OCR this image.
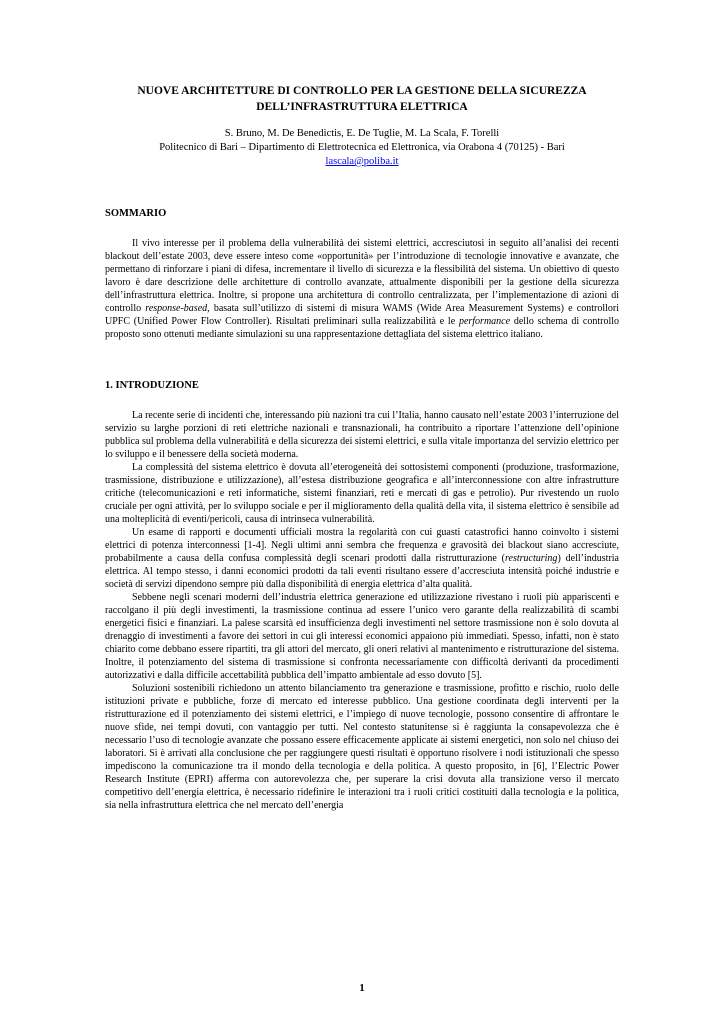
NUOVE ARCHITETTURE DI CONTROLLO PER LA GESTIONE DELLA SICUREZZA
DELL’INFRASTRUTTURA ELETTRICA
S. Bruno, M. De Benedictis, E. De Tuglie, M. La Scala, F. Torelli
Politecnico di Bari – Dipartimento di Elettrotecnica ed Elettronica, via Orabona 4 (70125) - Bari
lascala@poliba.it
SOMMARIO

Il vivo interesse per il problema della vulnerabilità dei sistemi elettrici, accresciutosi in seguito all’analisi dei recenti blackout dell’estate 2003, deve essere inteso come «opportunità» per l’introduzione di tecnologie innovative e avanzate, che permettano di rinforzare i piani di difesa, incrementare il livello di sicurezza e la flessibilità del sistema. Un obiettivo di questo lavoro è dare descrizione delle architetture di controllo avanzate, attualmente disponibili per la gestione della sicurezza dell’infrastruttura elettrica. Inoltre, si propone una architettura di controllo centralizzata, per l’implementazione di azioni di controllo response-based, basata sull’utilizzo di sistemi di misura WAMS (Wide Area Measurement Systems) e controllori UPFC (Unified Power Flow Controller). Risultati preliminari sulla realizzabilità e le performance dello schema di controllo proposto sono ottenuti mediante simulazioni su una rappresentazione dettagliata del sistema elettrico italiano.

1. INTRODUZIONE

La recente serie di incidenti che, interessando più nazioni tra cui l’Italia, hanno causato nell’estate 2003 l’interruzione del servizio su larghe porzioni di reti elettriche nazionali e transnazionali, ha contribuito a riportare l’attenzione dell’opinione pubblica sul problema della vulnerabilità e della sicurezza dei sistemi elettrici, e sulla vitale importanza del servizio elettrico per lo sviluppo e il benessere della società moderna.

La complessità del sistema elettrico è dovuta all’eterogeneità dei sottosistemi componenti (produzione, trasformazione, trasmissione, distribuzione e utilizzazione), all’estesa distribuzione geografica e all’interconnessione con altre infrastrutture critiche (telecomunicazioni e reti informatiche, sistemi finanziari, reti e mercati di gas e petrolio). Pur rivestendo un ruolo cruciale per ogni attività, per lo sviluppo sociale e per il miglioramento della qualità della vita, il sistema elettrico è sensibile ad una molteplicità di eventi/pericoli, causa di intrinseca vulnerabilità.

Un esame di rapporti e documenti ufficiali mostra la regolarità con cui guasti catastrofici hanno coinvolto i sistemi elettrici di potenza interconnessi [1-4]. Negli ultimi anni sembra che frequenza e gravosità dei blackout siano accresciute, probabilmente a causa della confusa complessità degli scenari prodotti dalla ristrutturazione (restructuring) dell’industria elettrica. Al tempo stesso, i danni economici prodotti da tali eventi risultano essere d’accresciuta intensità poiché industrie e società di servizi dipendono sempre più dalla disponibilità di energia elettrica d’alta qualità.

Sebbene negli scenari moderni dell’industria elettrica generazione ed utilizzazione rivestano i ruoli più appariscenti e raccolgano il più degli investimenti, la trasmissione continua ad essere l’unico vero garante della realizzabilità di scambi energetici fisici e finanziari. La palese scarsità ed insufficienza degli investimenti nel settore trasmissione non è solo dovuta al drenaggio di investimenti a favore dei settori in cui gli interessi economici appaiono più immediati. Spesso, infatti, non è stato chiarito come debbano essere ripartiti, tra gli attori del mercato, gli oneri relativi al mantenimento e ristrutturazione del sistema. Inoltre, il potenziamento del sistema di trasmissione si confronta necessariamente con difficoltà derivanti da procedimenti autorizzativi e dalla difficile accettabilità pubblica dell’impatto ambientale ad esso dovuto [5].

Soluzioni sostenibili richiedono un attento bilanciamento tra generazione e trasmissione, profitto e rischio, ruolo delle istituzioni private e pubbliche, forze di mercato ed interesse pubblico. Una gestione coordinata degli interventi per la ristrutturazione ed il potenziamento dei sistemi elettrici, e l’impiego di nuove tecnologie, possono consentire di affrontare le nuove sfide, nei tempi dovuti, con vantaggio per tutti. Nel contesto statunitense si è raggiunta la consapevolezza che è necessario l’uso di tecnologie avanzate che possano essere efficacemente applicate ai sistemi energetici, non solo nel chiuso dei laboratori. Si è arrivati alla conclusione che per raggiungere questi risultati è opportuno risolvere i nodi istituzionali che spesso impediscono la comunicazione tra il mondo della tecnologia e della politica. A questo proposito, in [6], l’Electric Power Research Institute (EPRI) afferma con autorevolezza che, per superare la crisi dovuta alla transizione verso il mercato competitivo dell’energia elettrica, è necessario ridefinire le interazioni tra i ruoli critici costituiti dalla tecnologia e la politica, sia nella infrastruttura elettrica che nel mercato dell’energia

1
